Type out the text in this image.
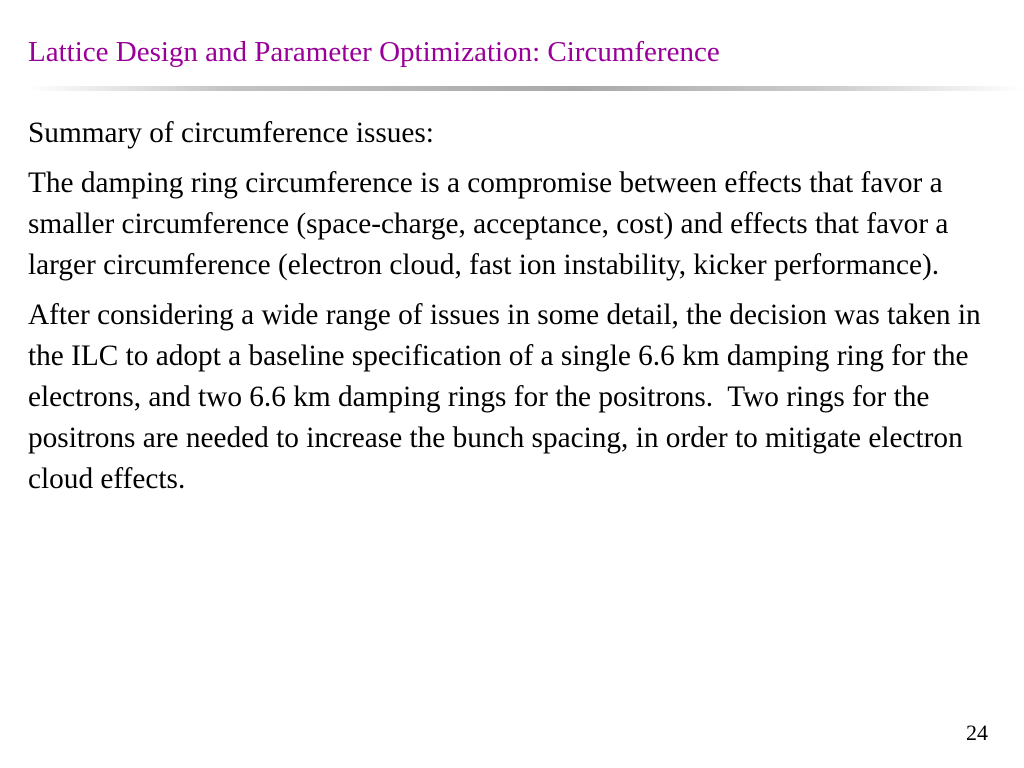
Lattice Design and Parameter Optimization: Circumference

Summary of circumference issues:

The damping ring circumference is a compromise between effects that favor a smaller circumference (space-charge, acceptance, cost) and effects that favor a larger circumference (electron cloud, fast ion instability, kicker performance).

After considering a wide range of issues in some detail, the decision was taken in the ILC to adopt a baseline specification of a single 6.6 km damping ring for the electrons, and two 6.6 km damping rings for the positrons.  Two rings for the positrons are needed to increase the bunch spacing, in order to mitigate electron cloud effects.

24
